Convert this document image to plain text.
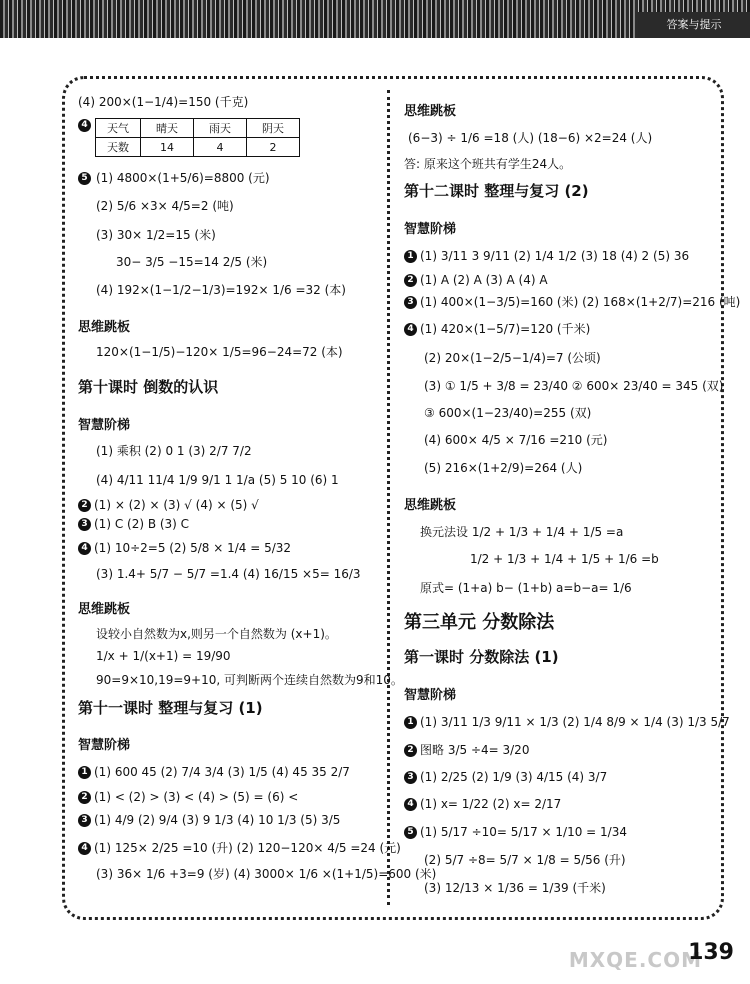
答案与提示
(4) 200×(1−1/4)=150 (千克)
4	天气	晴天	雨天	阴天
天数	14	4	2
5 (1) 4800×(1+5/6)=8800 (元)
(2) 5/6 ×3× 4/5=2 (吨)
(3) 30× 1/2=15 (米)
30− 3/5 −15=14 2/5 (米)
(4) 192×(1−1/2−1/3)=192× 1/6 =32 (本)
思维跳板
120×(1−1/5)−120× 1/5=96−24=72 (本)
第十课时 倒数的认识
智慧阶梯
(1) 乘积 (2) 0 1 (3) 2/7 7/2
(4) 4/11 11/4 1/9 9/1 1 1/a (5) 5 10 (6) 1
2 (1) × (2) × (3) √ (4) × (5) √
3 (1) C (2) B (3) C
4 (1) 10÷2=5 (2) 5/8 × 1/4 = 5/32
(3) 1.4+ 5/7 − 5/7 =1.4 (4) 16/15 ×5= 16/3
思维跳板
设较小自然数为x,则另一个自然数为 (x+1)。
1/x + 1/(x+1) = 19/90
90=9×10,19=9+10, 可判断两个连续自然数为9和10。
第十一课时 整理与复习 (1)
智慧阶梯
1 (1) 600 45 (2) 7/4 3/4 (3) 1/5 (4) 45 35 2/7
2 (1) < (2) > (3) < (4) > (5) = (6) <
3 (1) 4/9 (2) 9/4 (3) 9 1/3 (4) 10 1/3 (5) 3/5
4 (1) 125× 2/25 =10 (升) (2) 120−120× 4/5 =24 (元)
(3) 36× 1/6 +3=9 (岁) (4) 3000× 1/6 ×(1+1/5)=600 (米)
思维跳板
(6−3) ÷ 1/6 =18 (人) (18−6) ×2=24 (人)
答: 原来这个班共有学生24人。
第十二课时 整理与复习 (2)
智慧阶梯
1 (1) 3/11 3 9/11 (2) 1/4 1/2 (3) 18 (4) 2 (5) 36
2 (1) A (2) A (3) A (4) A
3 (1) 400×(1−3/5)=160 (米) (2) 168×(1+2/7)=216 (吨)
4 (1) 420×(1−5/7)=120 (千米)
(2) 20×(1−2/5−1/4)=7 (公顷)
(3) ① 1/5 + 3/8 = 23/40 ② 600× 23/40 = 345 (双)
③ 600×(1−23/40)=255 (双)
(4) 600× 4/5 × 7/16 =210 (元)
(5) 216×(1+2/9)=264 (人)
思维跳板
换元法设 1/2 + 1/3 + 1/4 + 1/5 =a
1/2 + 1/3 + 1/4 + 1/5 + 1/6 =b
原式= (1+a) b− (1+b) a=b−a= 1/6
第三单元 分数除法
第一课时 分数除法 (1)
智慧阶梯
1 (1) 3/11 1/3 9/11 × 1/3 (2) 1/4 8/9 × 1/4 (3) 1/3 5/7
2 图略 3/5 ÷4= 3/20
3 (1) 2/25 (2) 1/9 (3) 4/15 (4) 3/7
4 (1) x= 1/22 (2) x= 2/17
5 (1) 5/17 ÷10= 5/17 × 1/10 = 1/34
(2) 5/7 ÷8= 5/7 × 1/8 = 5/56 (升)
(3) 12/13 × 1/36 = 1/39 (千米)
MXQE.COM
139
